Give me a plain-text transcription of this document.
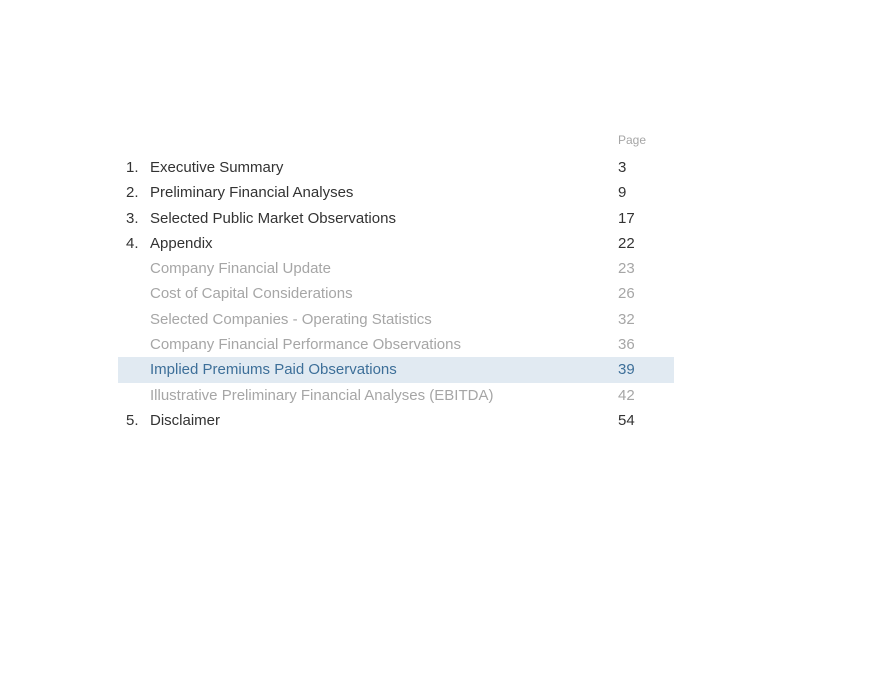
Page
1. Executive Summary	3
2. Preliminary Financial Analyses	9
3. Selected Public Market Observations	17
4. Appendix	22
Company Financial Update	23
Cost of Capital Considerations	26
Selected Companies - Operating Statistics	32
Company Financial Performance Observations	36
Implied Premiums Paid Observations	39
Illustrative Preliminary Financial Analyses (EBITDA)	42
5. Disclaimer	54
